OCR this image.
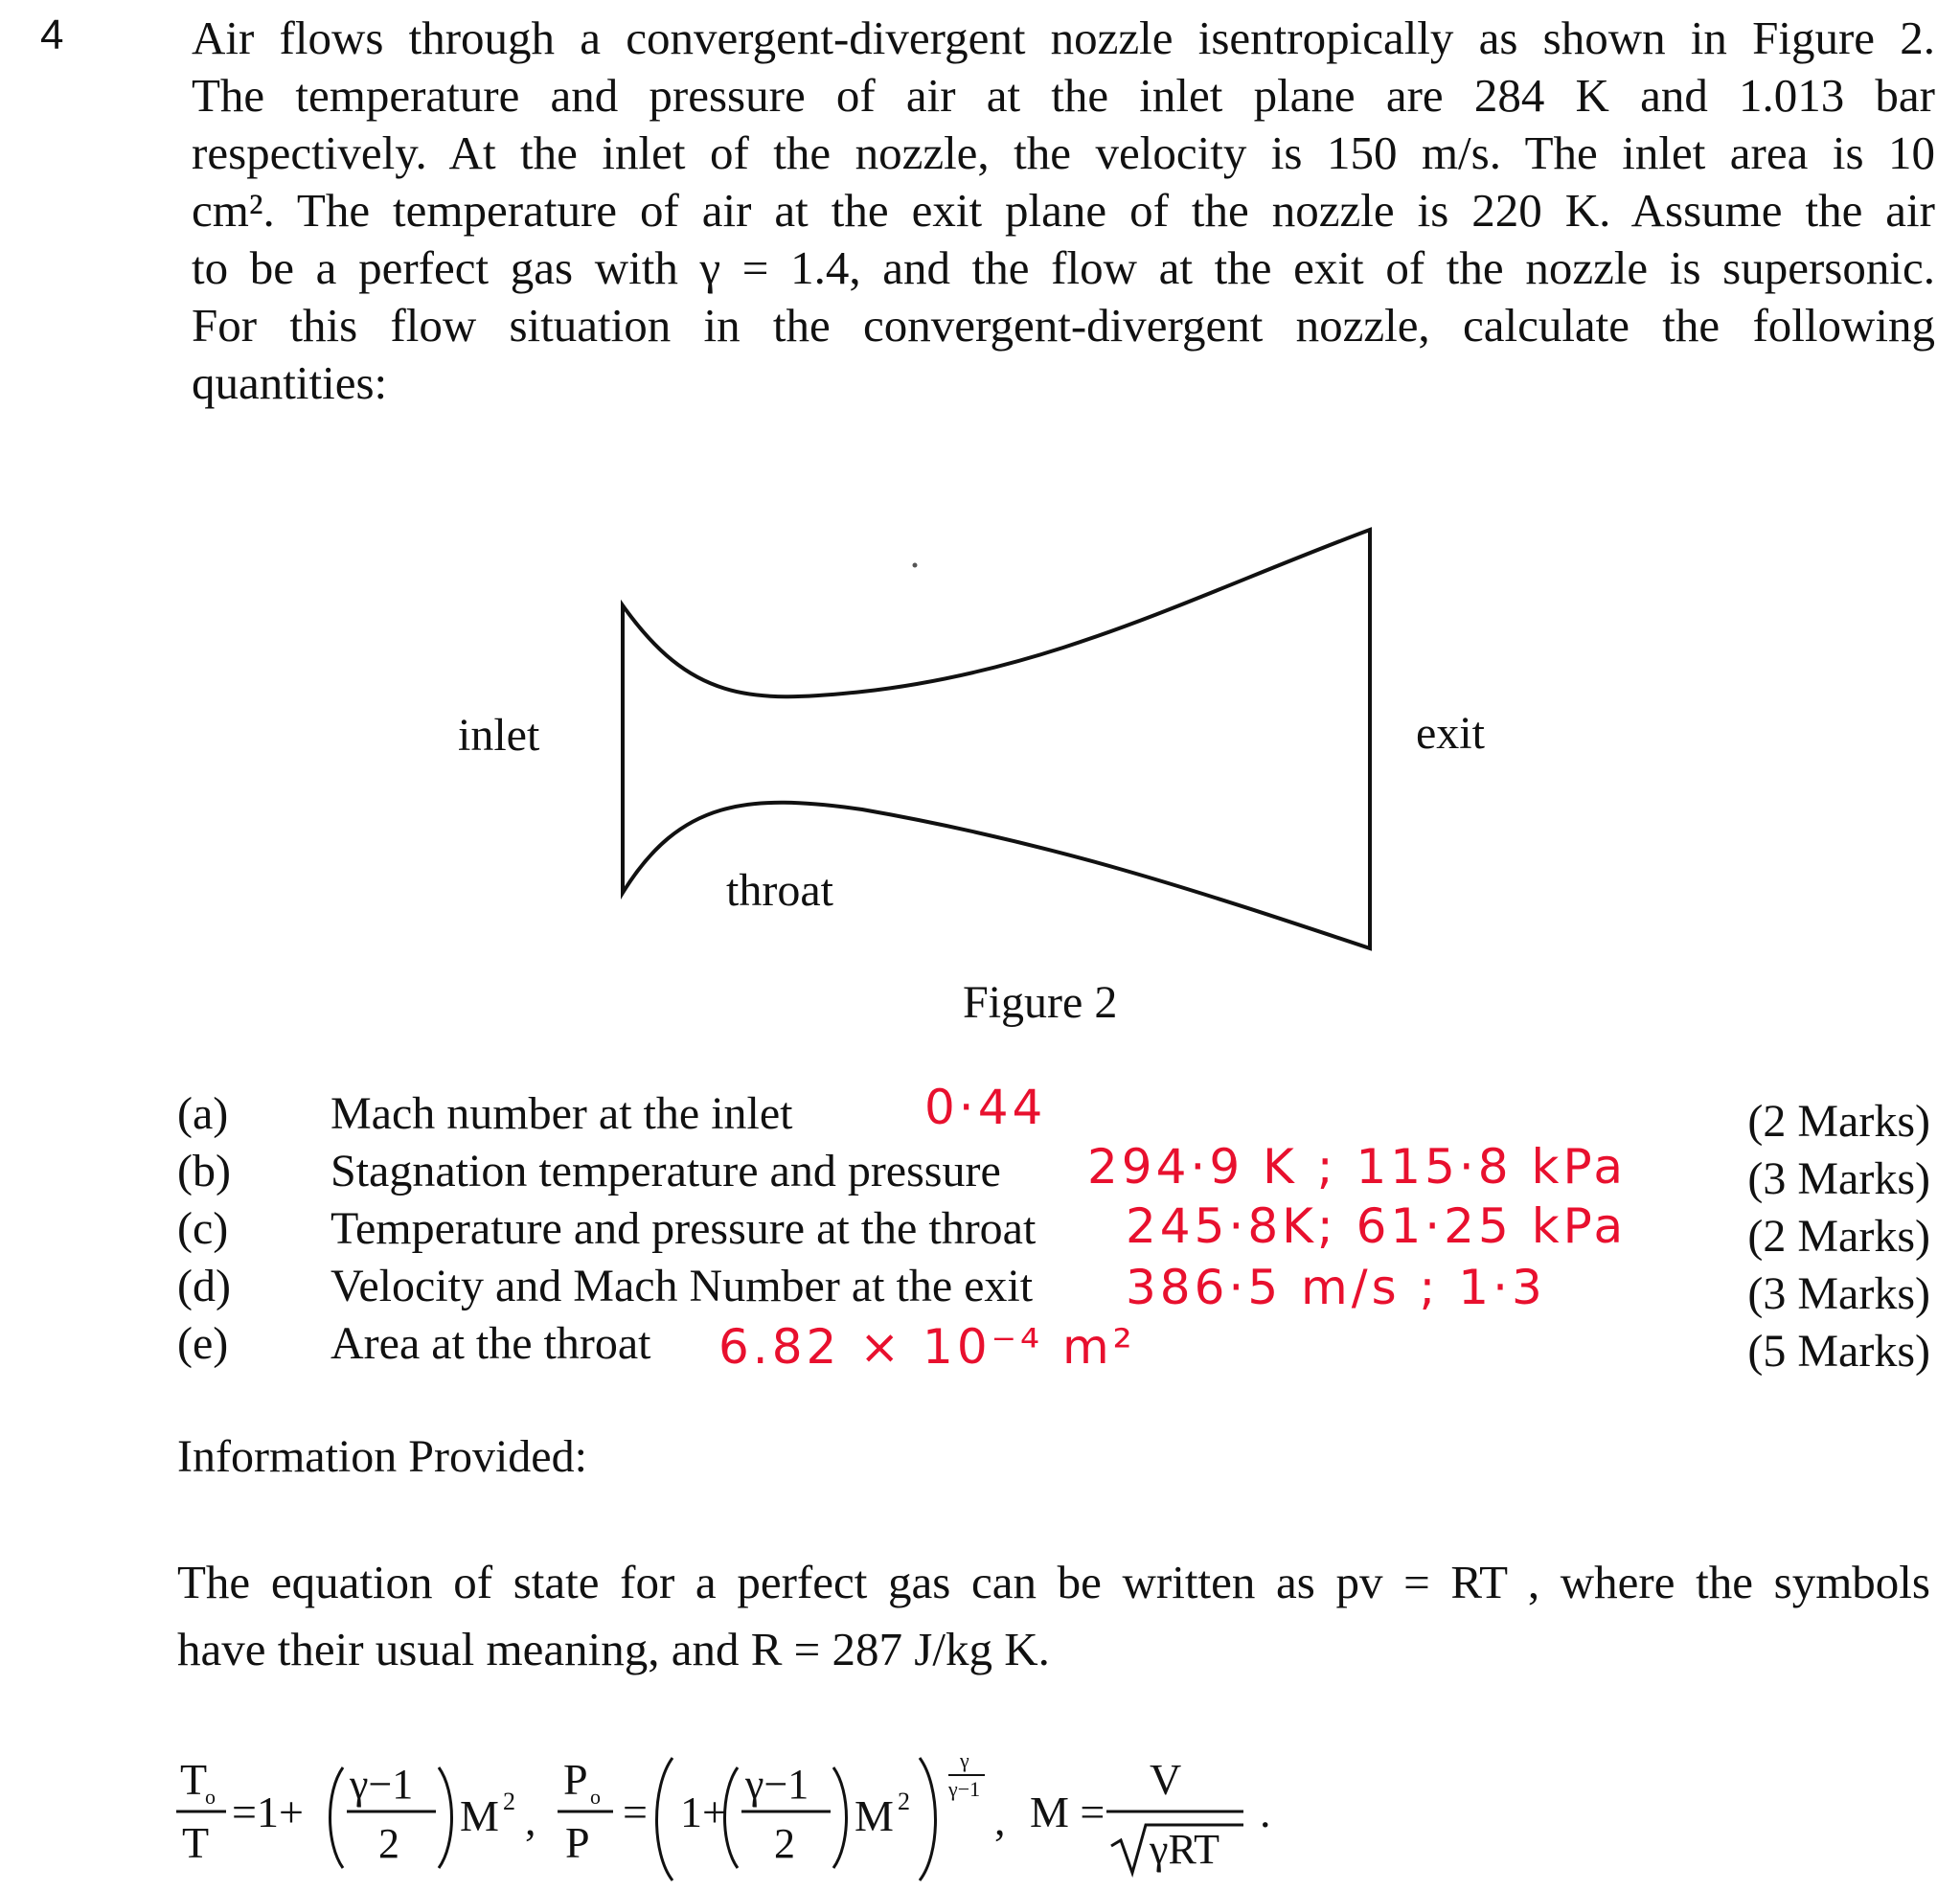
4	Air flows through a convergent-divergent nozzle isentropically as shown in Figure 2.
The temperature and pressure of air at the inlet plane are 284 K and 1.013 bar
respectively. At the inlet of the nozzle, the velocity is 150 m/s. The inlet area is 10
cm². The temperature of air at the exit plane of the nozzle is 220 K. Assume the air
to be a perfect gas with γ = 1.4, and the flow at the exit of the nozzle is supersonic.
For this flow situation in the convergent-divergent nozzle, calculate the following
quantities:
inlet	exit
throat
Figure 2
(a) Mach number at the inlet	0·44	(2 Marks)
(b) Stagnation temperature and pressure 294·9 K ; 115·8 kPa	(3 Marks)
(c) Temperature and pressure at the throat 245·8K; 61·25 kPa	(2 Marks)
(d) Velocity and Mach Number at the exit 386·5 m/s ; 1·3	(3 Marks)
(e) Area at the throat 6.82 × 10⁻⁴ m²	(5 Marks)
Information Provided:
The equation of state for a perfect gas can be written as pv = RT , where the symbols
have their usual meaning, and R = 287 J/kg K.
T
o
T
=1+
γ−1
2
M 2 ,
P o
P
= 1+
γ−1
2
M 2
γ
γ−1
, M =
V
γRT
.
